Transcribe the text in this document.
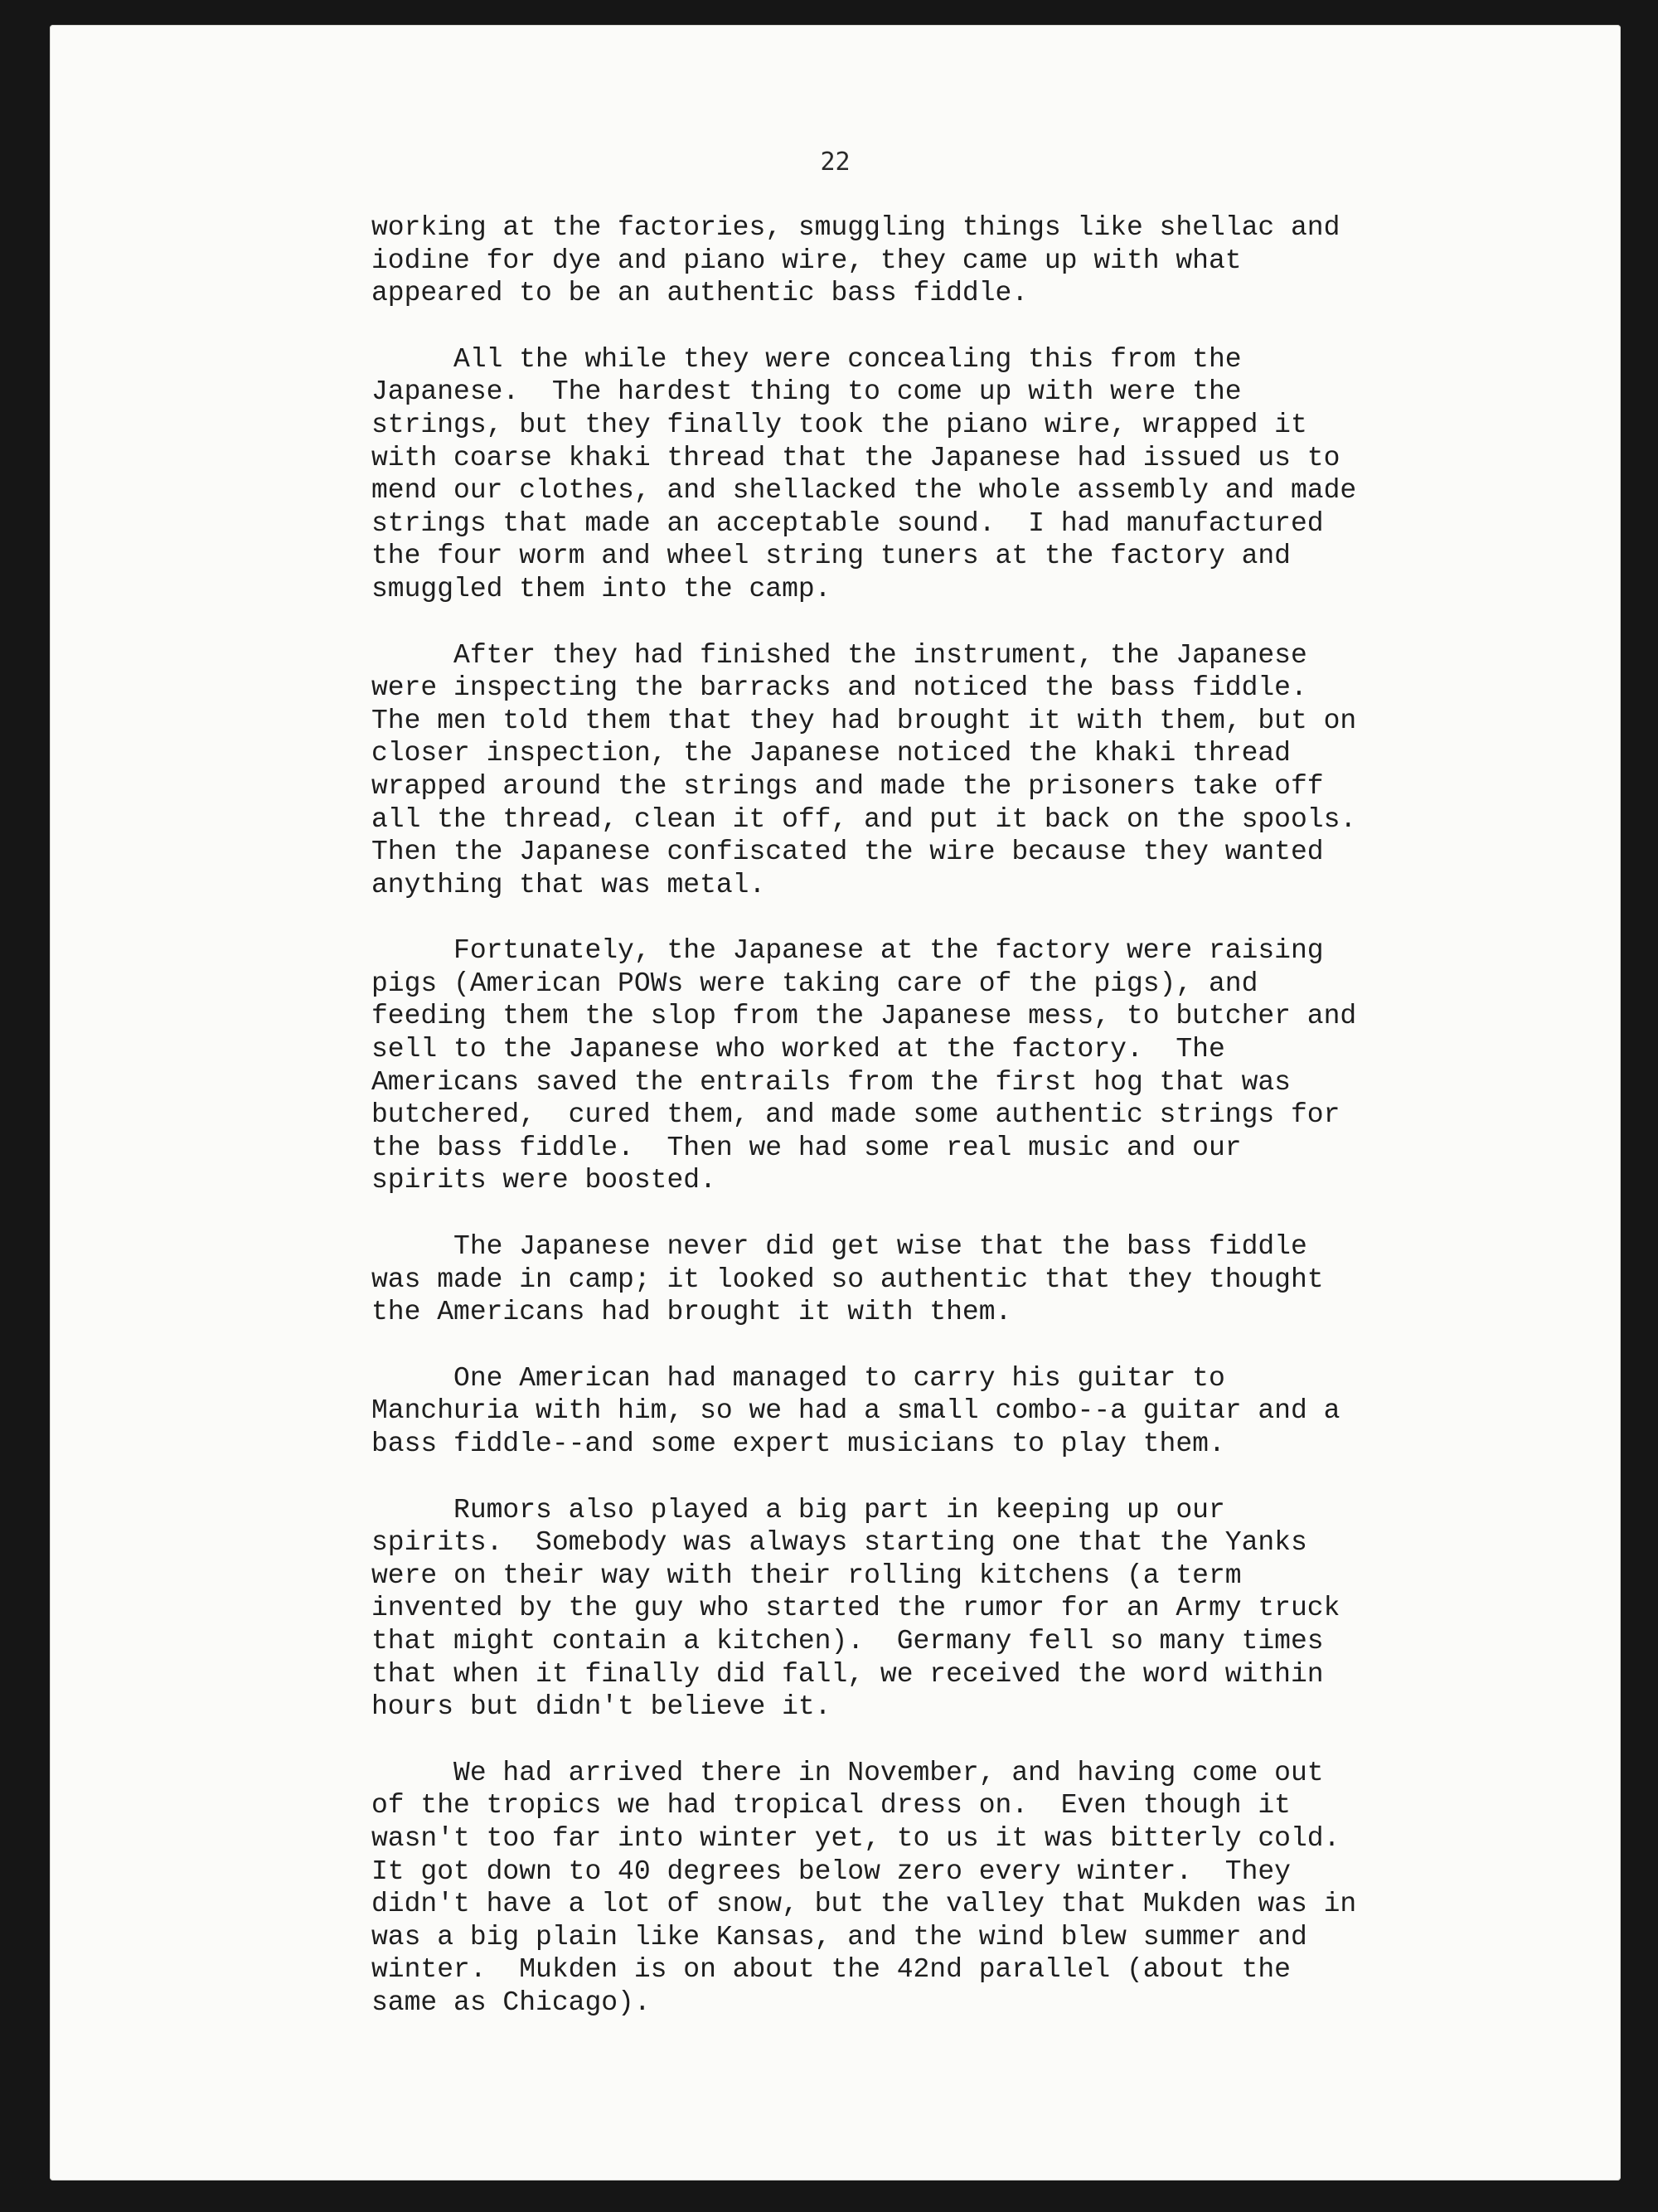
22
working at the factories, smuggling things like shellac and
iodine for dye and piano wire, they came up with what
appeared to be an authentic bass fiddle.
All the while they were concealing this from the
Japanese.  The hardest thing to come up with were the
strings, but they finally took the piano wire, wrapped it
with coarse khaki thread that the Japanese had issued us to
mend our clothes, and shellacked the whole assembly and made
strings that made an acceptable sound.  I had manufactured
the four worm and wheel string tuners at the factory and
smuggled them into the camp.
After they had finished the instrument, the Japanese
were inspecting the barracks and noticed the bass fiddle.
The men told them that they had brought it with them, but on
closer inspection, the Japanese noticed the khaki thread
wrapped around the strings and made the prisoners take off
all the thread, clean it off, and put it back on the spools.
Then the Japanese confiscated the wire because they wanted
anything that was metal.
Fortunately, the Japanese at the factory were raising
pigs (American POWs were taking care of the pigs), and
feeding them the slop from the Japanese mess, to butcher and
sell to the Japanese who worked at the factory.  The
Americans saved the entrails from the first hog that was
butchered,  cured them, and made some authentic strings for
the bass fiddle.  Then we had some real music and our
spirits were boosted.
The Japanese never did get wise that the bass fiddle
was made in camp; it looked so authentic that they thought
the Americans had brought it with them.
One American had managed to carry his guitar to
Manchuria with him, so we had a small combo--a guitar and a
bass fiddle--and some expert musicians to play them.
Rumors also played a big part in keeping up our
spirits.  Somebody was always starting one that the Yanks
were on their way with their rolling kitchens (a term
invented by the guy who started the rumor for an Army truck
that might contain a kitchen).  Germany fell so many times
that when it finally did fall, we received the word within
hours but didn't believe it.
We had arrived there in November, and having come out
of the tropics we had tropical dress on.  Even though it
wasn't too far into winter yet, to us it was bitterly cold.
It got down to 40 degrees below zero every winter.  They
didn't have a lot of snow, but the valley that Mukden was in
was a big plain like Kansas, and the wind blew summer and
winter.  Mukden is on about the 42nd parallel (about the
same as Chicago).
